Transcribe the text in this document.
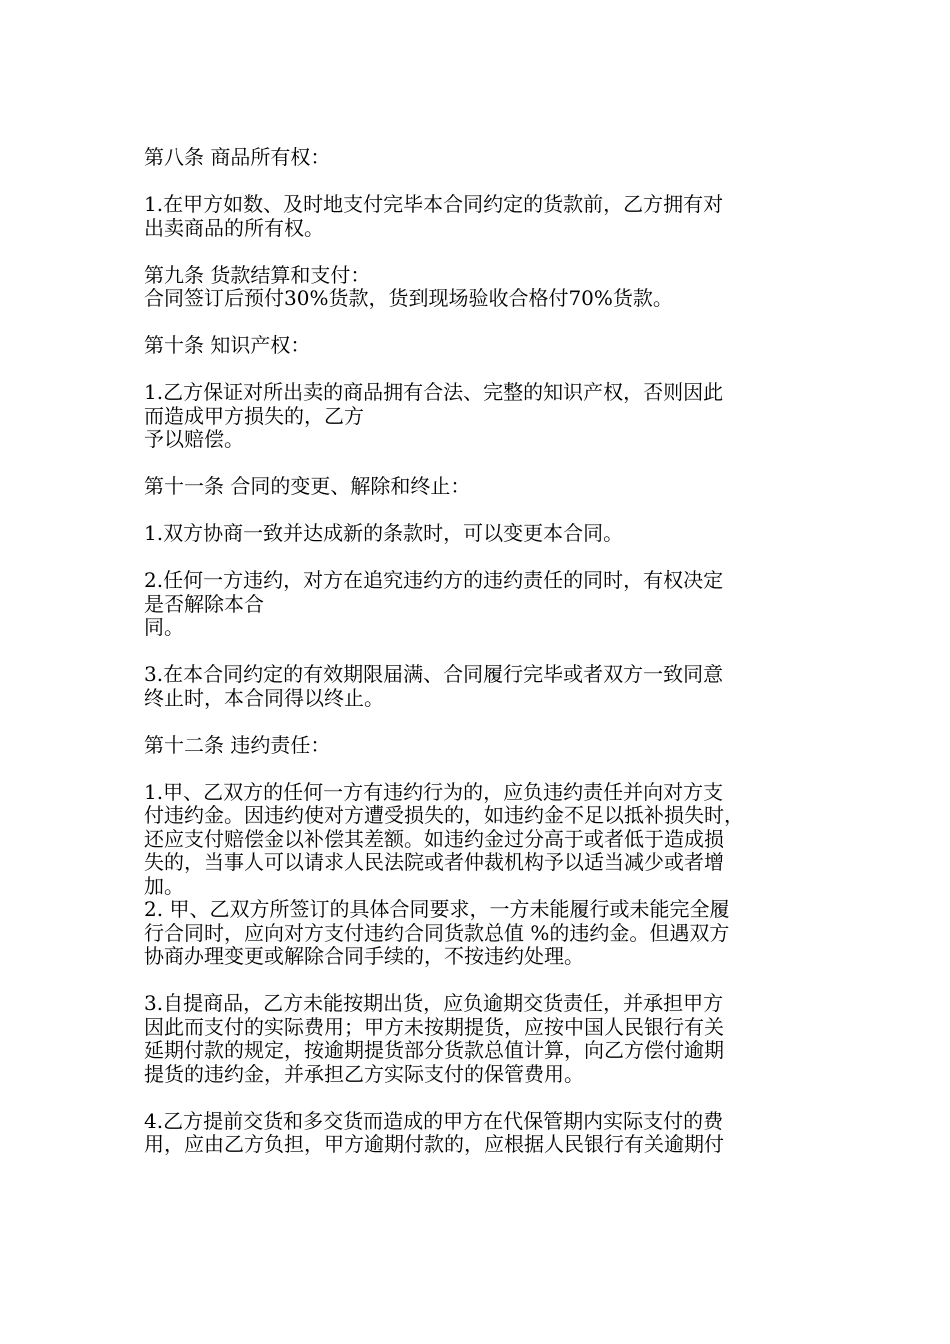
第八条 商品所有权：

1.在甲方如数、及时地支付完毕本合同约定的货款前，乙方拥有对
出卖商品的所有权。

第九条 货款结算和支付：

合同签订后预付30%货款，货到现场验收合格付70%货款。

第十条 知识产权：

1.乙方保证对所出卖的商品拥有合法、完整的知识产权，否则因此
而造成甲方损失的，乙方
予以赔偿。

第十一条 合同的变更、解除和终止：

1.双方协商一致并达成新的条款时，可以变更本合同。

2.任何一方违约，对方在追究违约方的违约责任的同时，有权决定
是否解除本合
同。

3.在本合同约定的有效期限届满、合同履行完毕或者双方一致同意
终止时，本合同得以终止。

第十二条 违约责任：

1.甲、乙双方的任何一方有违约行为的，应负违约责任并向对方支
付违约金。因违约使对方遭受损失的，如违约金不足以抵补损失时，
还应支付赔偿金以补偿其差额。如违约金过分高于或者低于造成损
失的，当事人可以请求人民法院或者仲裁机构予以适当减少或者增
加。

2. 甲、乙双方所签订的具体合同要求，一方未能履行或未能完全履
行合同时，应向对方支付违约合同货款总值 %的违约金。但遇双方
协商办理变更或解除合同手续的，不按违约处理。

3.自提商品，乙方未能按期出货，应负逾期交货责任，并承担甲方
因此而支付的实际费用；甲方未按期提货，应按中国人民银行有关
延期付款的规定，按逾期提货部分货款总值计算，向乙方偿付逾期
提货的违约金，并承担乙方实际支付的保管费用。

4.乙方提前交货和多交货而造成的甲方在代保管期内实际支付的费
用，应由乙方负担，甲方逾期付款的，应根据人民银行有关逾期付
